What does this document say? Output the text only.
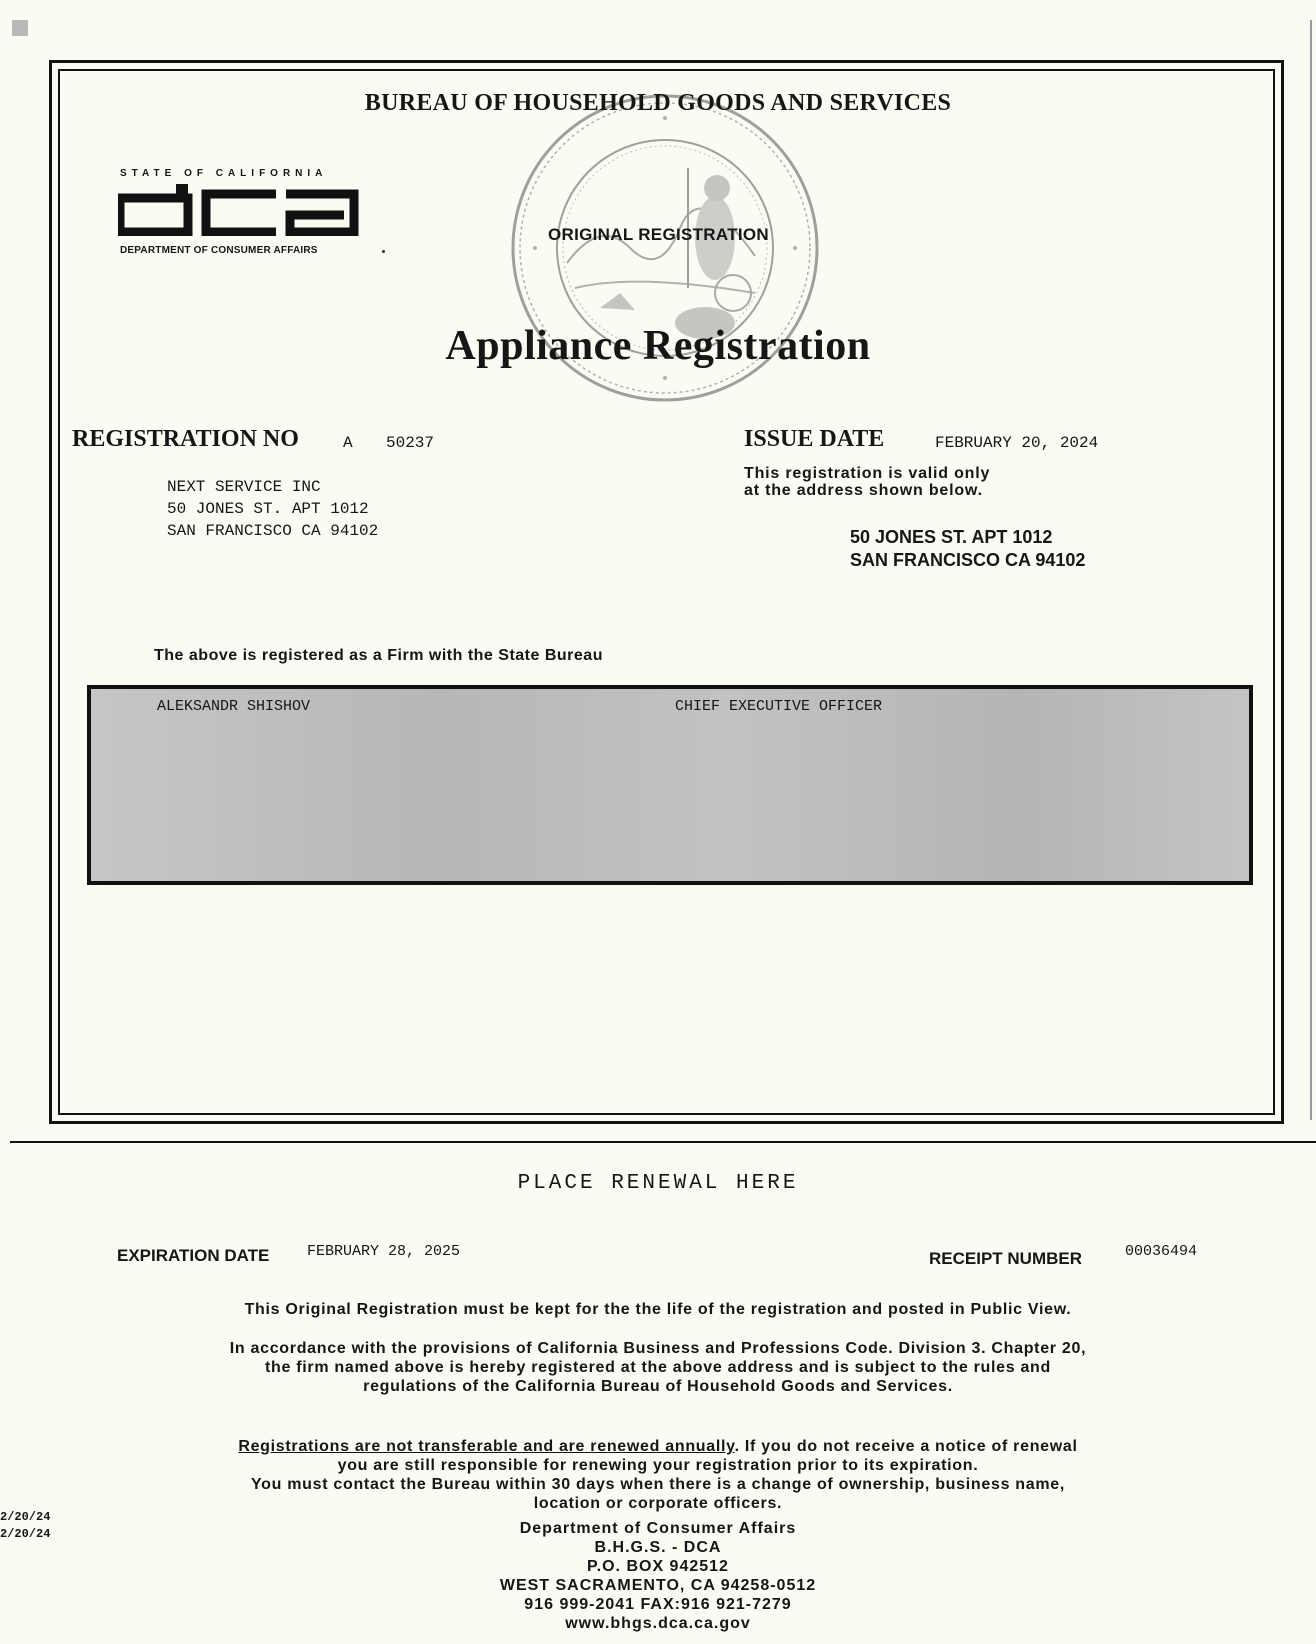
BUREAU OF HOUSEHOLD GOODS AND SERVICES
ORIGINAL REGISTRATION
STATE OF CALIFORNIA
DEPARTMENT OF CONSUMER AFFAIRS
Appliance Registration
REGISTRATION NO	A 50237
NEXT SERVICE INC
50 JONES ST. APT 1012
SAN FRANCISCO CA 94102
ISSUE DATE	FEBRUARY 20, 2024
This registration is valid only
at the address shown below.
50 JONES ST. APT 1012
SAN FRANCISCO CA 94102
The above is registered as a Firm with the State Bureau
ALEKSANDR SHISHOV	CHIEF EXECUTIVE OFFICER
PLACE RENEWAL HERE
EXPIRATION DATE	FEBRUARY 28, 2025	RECEIPT NUMBER	00036494
This Original Registration must be kept for the the life of the registration and posted in Public View.
In accordance with the provisions of California Business and Professions Code. Division 3. Chapter 20,
the firm named above is hereby registered at the above address and is subject to the rules and
regulations of the California Bureau of Household Goods and Services.
Registrations are not transferable and are renewed annually. If you do not receive a notice of renewal
you are still responsible for renewing your registration prior to its expiration.
You must contact the Bureau within 30 days when there is a change of ownership, business name,
location or corporate officers.
2/20/24
2/20/24	Department of Consumer Affairs
B.H.G.S. - DCA
P.O. BOX 942512
WEST SACRAMENTO, CA 94258-0512
916 999-2041 FAX:916 921-7279
www.bhgs.dca.ca.gov
